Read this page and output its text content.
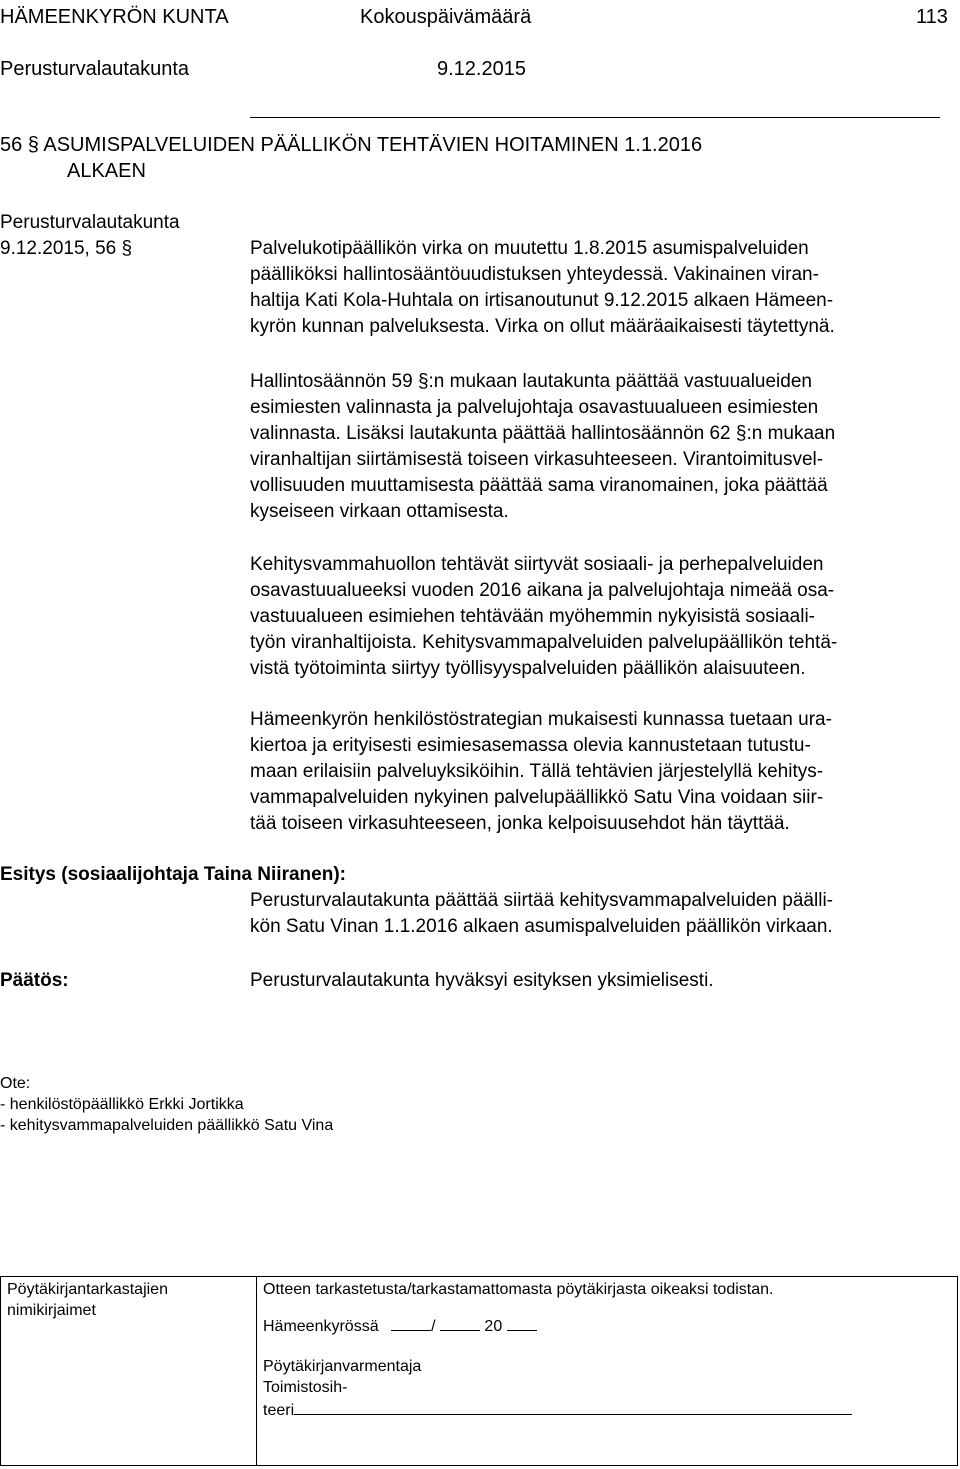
HÄMEENKYRÖN KUNTA	Kokouspäivämäärä	113
Perusturvalautakunta	9.12.2015
56 § ASUMISPALVELUIDEN PÄÄLLIKÖN TEHTÄVIEN HOITAMINEN 1.1.2016
ALKAEN
Perusturvalautakunta
9.12.2015, 56 §	Palvelukotipäällikön virka on muutettu 1.8.2015 asumispalveluiden
päälliköksi hallintosääntöuudistuksen yhteydessä. Vakinainen viran-
haltija Kati Kola-Huhtala on irtisanoutunut 9.12.2015 alkaen Hämeen-
kyrön kunnan palveluksesta. Virka on ollut määräaikaisesti täytettynä.
Hallintosäännön 59 §:n mukaan lautakunta päättää vastuualueiden
esimiesten valinnasta ja palvelujohtaja osavastuualueen esimiesten
valinnasta. Lisäksi lautakunta päättää hallintosäännön 62 §:n mukaan
viranhaltijan siirtämisestä toiseen virkasuhteeseen. Virantoimitusvel-
vollisuuden muuttamisesta päättää sama viranomainen, joka päättää
kyseiseen virkaan ottamisesta.
Kehitysvammahuollon tehtävät siirtyvät sosiaali- ja perhepalveluiden
osavastuualueeksi vuoden 2016 aikana ja palvelujohtaja nimeää osa-
vastuualueen esimiehen tehtävään myöhemmin nykyisistä sosiaali-
työn viranhaltijoista. Kehitysvammapalveluiden palvelupäällikön tehtä-
vistä työtoiminta siirtyy työllisyyspalveluiden päällikön alaisuuteen.
Hämeenkyrön henkilöstöstrategian mukaisesti kunnassa tuetaan ura-
kiertoa ja erityisesti esimiesasemassa olevia kannustetaan tutustu-
maan erilaisiin palveluyksiköihin. Tällä tehtävien järjestelyllä kehitys-
vammapalveluiden nykyinen palvelupäällikkö Satu Vina voidaan siir-
tää toiseen virkasuhteeseen, jonka kelpoisuusehdot hän täyttää.
Esitys (sosiaalijohtaja Taina Niiranen):
Perusturvalautakunta päättää siirtää kehitysvammapalveluiden päälli-
kön Satu Vinan 1.1.2016 alkaen asumispalveluiden päällikön virkaan.
Päätös:	Perusturvalautakunta hyväksyi esityksen yksimielisesti.
Ote:
- henkilöstöpäällikkö Erkki Jortikka
- kehitysvammapalveluiden päällikkö Satu Vina
Pöytäkirjantarkastajien
nimikirjaimet

Otteen tarkastetusta/tarkastamattomasta pöytäkirjasta oikeaksi todistan.
Hämeenkyrössä	/	20
Pöytäkirjanvarmentaja
Toimistosih-
teeri
